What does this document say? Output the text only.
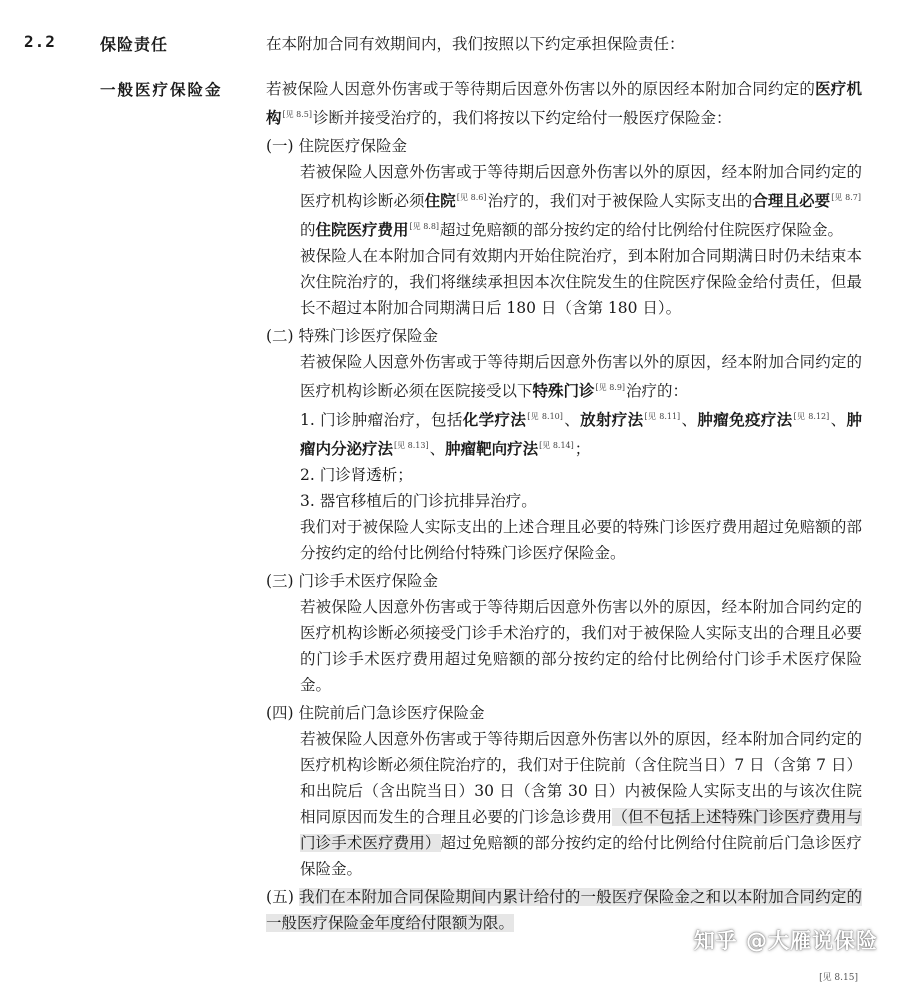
2.2	保险责任	在本附加合同有效期间内，我们按照以下约定承担保险责任：
一般医疗保险金	若被保险人因意外伤害或于等待期后因意外伤害以外的原因经本附加合同约定的医疗机构[见 8.5]诊断并接受治疗的，我们将按以下约定给付一般医疗保险金：

(一) 住院医疗保险金

若被保险人因意外伤害或于等待期后因意外伤害以外的原因，经本附加合同约定的医疗机构诊断必须住院[见 8.6]治疗的，我们对于被保险人实际支出的合理且必要[见 8.7]的住院医疗费用[见 8.8]超过免赔额的部分按约定的给付比例给付住院医疗保险金。

被保险人在本附加合同有效期内开始住院治疗，到本附加合同期满日时仍未结束本次住院治疗的，我们将继续承担因本次住院发生的住院医疗保险金给付责任，但最长不超过本附加合同期满日后 180 日（含第 180 日）。

(二) 特殊门诊医疗保险金

若被保险人因意外伤害或于等待期后因意外伤害以外的原因，经本附加合同约定的医疗机构诊断必须在医院接受以下特殊门诊[见 8.9]治疗的：

1. 门诊肿瘤治疗，包括化学疗法[见 8.10]、放射疗法[见 8.11]、肿瘤免疫疗法[见 8.12]、肿瘤内分泌疗法[见 8.13]、肿瘤靶向疗法[见 8.14]；

2. 门诊肾透析；

3. 器官移植后的门诊抗排异治疗。

我们对于被保险人实际支出的上述合理且必要的特殊门诊医疗费用超过免赔额的部分按约定的给付比例给付特殊门诊医疗保险金。

(三) 门诊手术医疗保险金

若被保险人因意外伤害或于等待期后因意外伤害以外的原因，经本附加合同约定的医疗机构诊断必须接受门诊手术治疗的，我们对于被保险人实际支出的合理且必要的门诊手术医疗费用超过免赔额的部分按约定的给付比例给付门诊手术医疗保险金。

(四) 住院前后门急诊医疗保险金

若被保险人因意外伤害或于等待期后因意外伤害以外的原因，经本附加合同约定的医疗机构诊断必须住院治疗的，我们对于住院前（含住院当日）7 日（含第 7 日）和出院后（含出院当日）30 日（含第 30 日）内被保险人实际支出的与该次住院相同原因而发生的合理且必要的门诊急诊费用（但不包括上述特殊门诊医疗费用与门诊手术医疗费用）超过免赔额的部分按约定的给付比例给付住院前后门急诊医疗保险金。

(五) 我们在本附加合同保险期间内累计给付的一般医疗保险金之和以本附加合同约定的一般医疗保险金年度给付限额为限。

知乎 @大雁说保险
[见 8.15]
